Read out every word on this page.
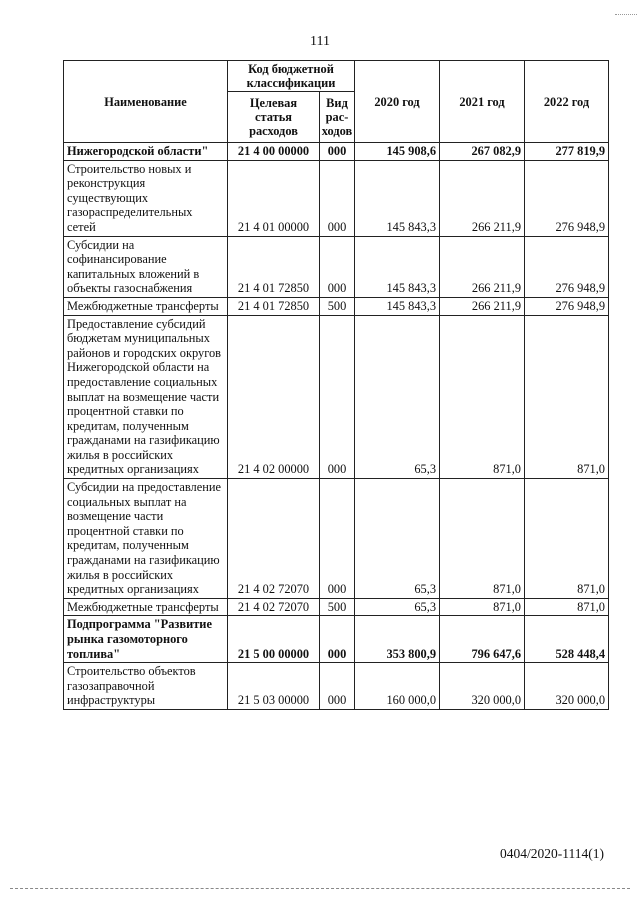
111
Наименование	Код бюджетной классификации		2020 год	2021 год	2022 год
	Целевая статья расходов	Вид рас-ходов			
Нижегородской области"	21 4 00 00000	000	145 908,6	267 082,9	277 819,9
Строительство новых и реконструкция существующих газораспределительных сетей	21 4 01 00000	000	145 843,3	266 211,9	276 948,9
Субсидии на софинансирование капитальных вложений в объекты газоснабжения	21 4 01 72850	000	145 843,3	266 211,9	276 948,9
Межбюджетные трансферты	21 4 01 72850	500	145 843,3	266 211,9	276 948,9
Предоставление субсидий бюджетам муниципальных районов и городских округов Нижегородской области на предоставление социальных выплат на возмещение части процентной ставки по кредитам, полученным гражданами на газификацию жилья в российских кредитных организациях	21 4 02 00000	000	65,3	871,0	871,0
Субсидии на предоставление социальных выплат на возмещение части процентной ставки по кредитам, полученным гражданами на газификацию жилья в российских кредитных организациях	21 4 02 72070	000	65,3	871,0	871,0
Межбюджетные трансферты	21 4 02 72070	500	65,3	871,0	871,0
Подпрограмма "Развитие рынка газомоторного топлива"	21 5 00 00000	000	353 800,9	796 647,6	528 448,4
Строительство объектов газозаправочной инфраструктуры	21 5 03 00000	000	160 000,0	320 000,0	320 000,0
0404/2020-1114(1)
